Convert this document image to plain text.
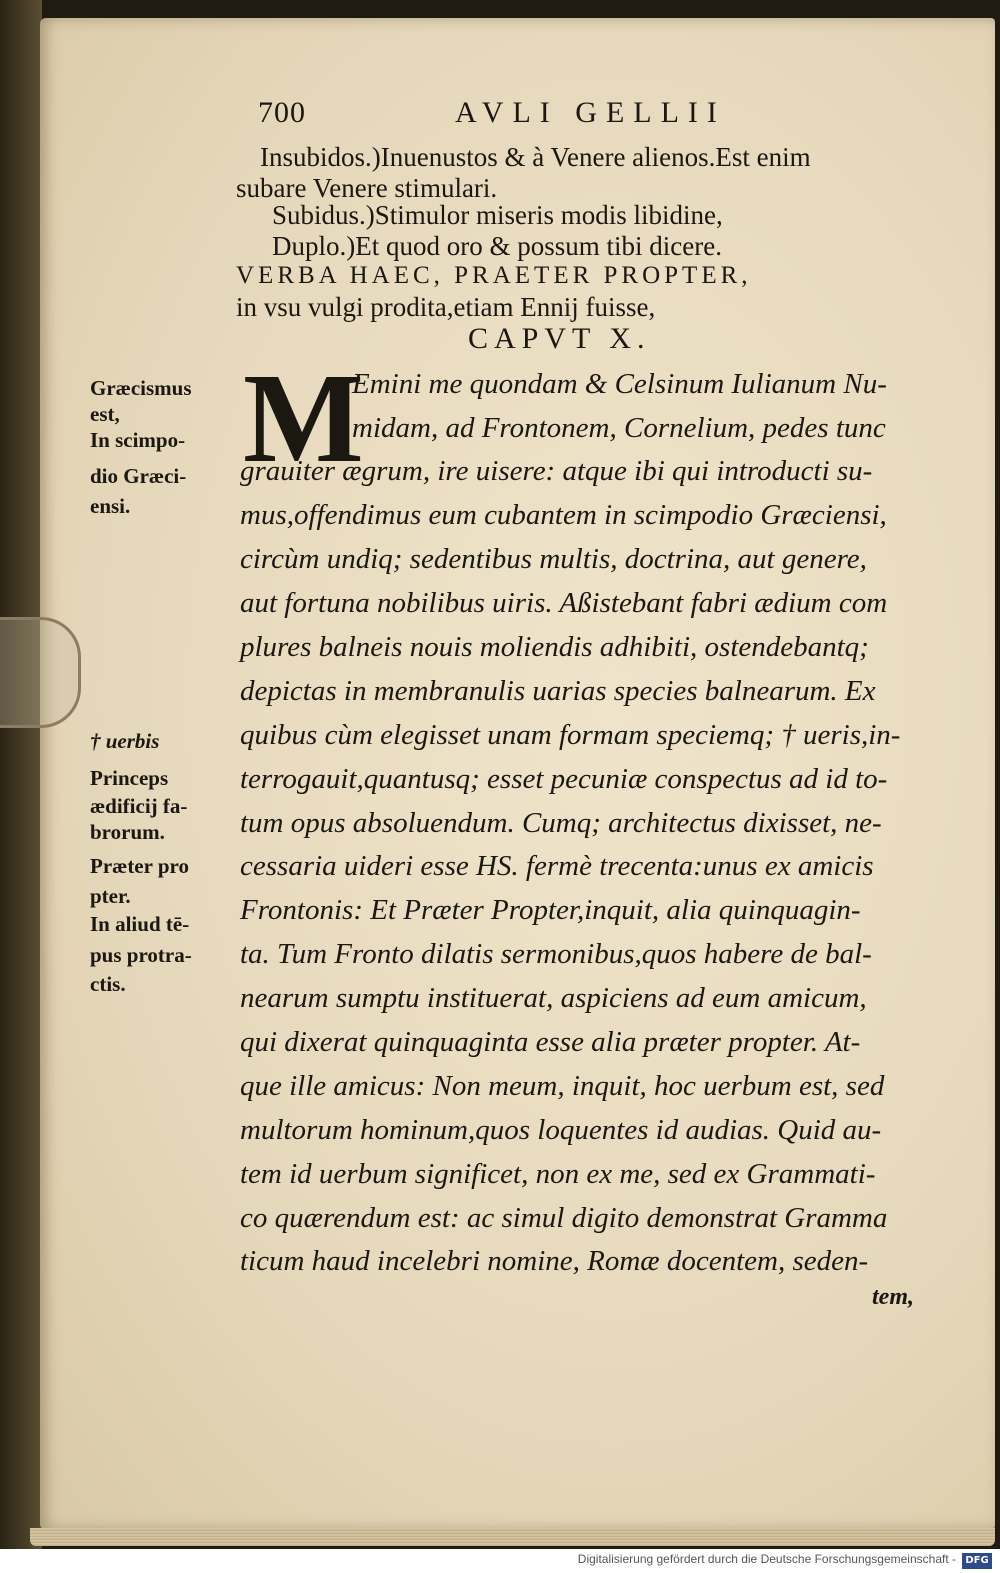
700	AVLI GELLII
Insubidos.)Inuenustos & à Venere alienos.Est enim
subare Venere stimulari.
Subidus.)Stimulor miseris modis libidine,
Duplo.)Et quod oro & possum tibi dicere.
VERBA HAEC, PRAETER PROPTER,
in vsu vulgi prodita,etiam Ennij fuisse,
CAPVT X.
M
Emini me quondam & Celsinum Iulianum Nu-
midam, ad Frontonem, Cornelium, pedes tunc
grauiter ægrum, ire uisere: atque ibi qui introducti su-
mus,offendimus eum cubantem in scimpodio Græciensi,
circùm undiq; sedentibus multis, doctrina, aut genere,
aut fortuna nobilibus uiris. Aßistebant fabri ædium com
plures balneis nouis moliendis adhibiti, ostendebantq;
depictas in membranulis uarias species balnearum. Ex
quibus cùm elegisset unam formam speciemq; † ueris,in-
terrogauit,quantusq; esset pecuniæ conspectus ad id to-
tum opus absoluendum. Cumq; architectus dixisset, ne-
cessaria uideri esse HS. fermè trecenta:unus ex amicis
Frontonis: Et Præter Propter,inquit, alia quinquagin-
ta. Tum Fronto dilatis sermonibus,quos habere de bal-
nearum sumptu instituerat, aspiciens ad eum amicum,
qui dixerat quinquaginta esse alia præter propter. At-
que ille amicus: Non meum, inquit, hoc uerbum est, sed
multorum hominum,quos loquentes id audias. Quid au-
tem id uerbum significet, non ex me, sed ex Grammati-
co quærendum est: ac simul digito demonstrat Gramma
ticum haud incelebri nomine, Romæ docentem, seden-
tem,
Græcismus
est,
In scimpo-
dio Græci-
ensi.
† uerbis
Princeps
ædificij fa-
brorum.
Præter pro
pter.
In aliud tē-
pus protra-
ctis.
Digitalisierung gefördert durch die Deutsche Forschungsgemeinschaft - DFG
